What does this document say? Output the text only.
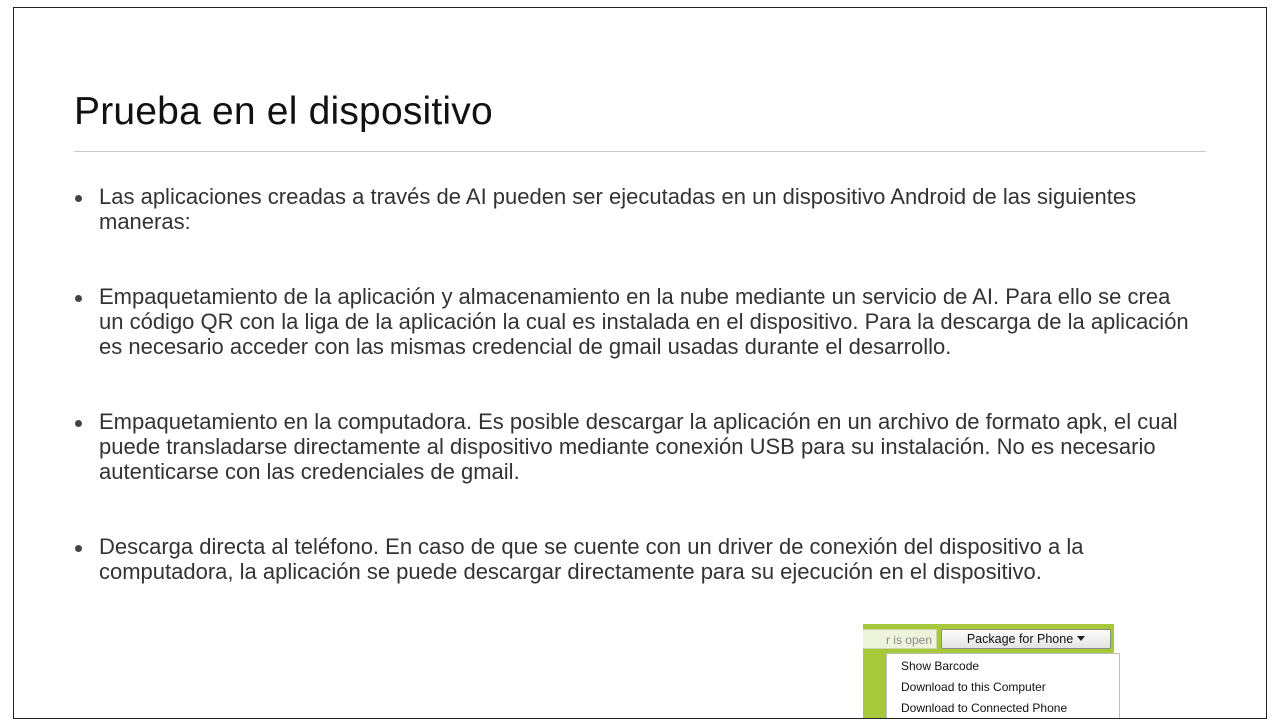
Prueba en el dispositivo
Las aplicaciones creadas a través de AI pueden ser ejecutadas en un dispositivo Android de las siguientes maneras:
Empaquetamiento de la aplicación y almacenamiento en la nube mediante un servicio de AI. Para ello se crea un código QR con la liga de la aplicación la cual es instalada en el dispositivo. Para la descarga de la aplicación es necesario acceder con las mismas credencial de gmail usadas durante el desarrollo.
Empaquetamiento en la computadora. Es posible descargar la aplicación en un archivo de formato apk, el cual puede transladarse directamente al dispositivo mediante conexión USB para su instalación. No es necesario autenticarse con las credenciales de gmail.
Descarga directa al teléfono. En caso de que se cuente con un driver de conexión del dispositivo a la computadora, la aplicación se puede descargar directamente para su ejecución en el dispositivo.
r is open	Package for Phone
Show Barcode
Download to this Computer
Download to Connected Phone
